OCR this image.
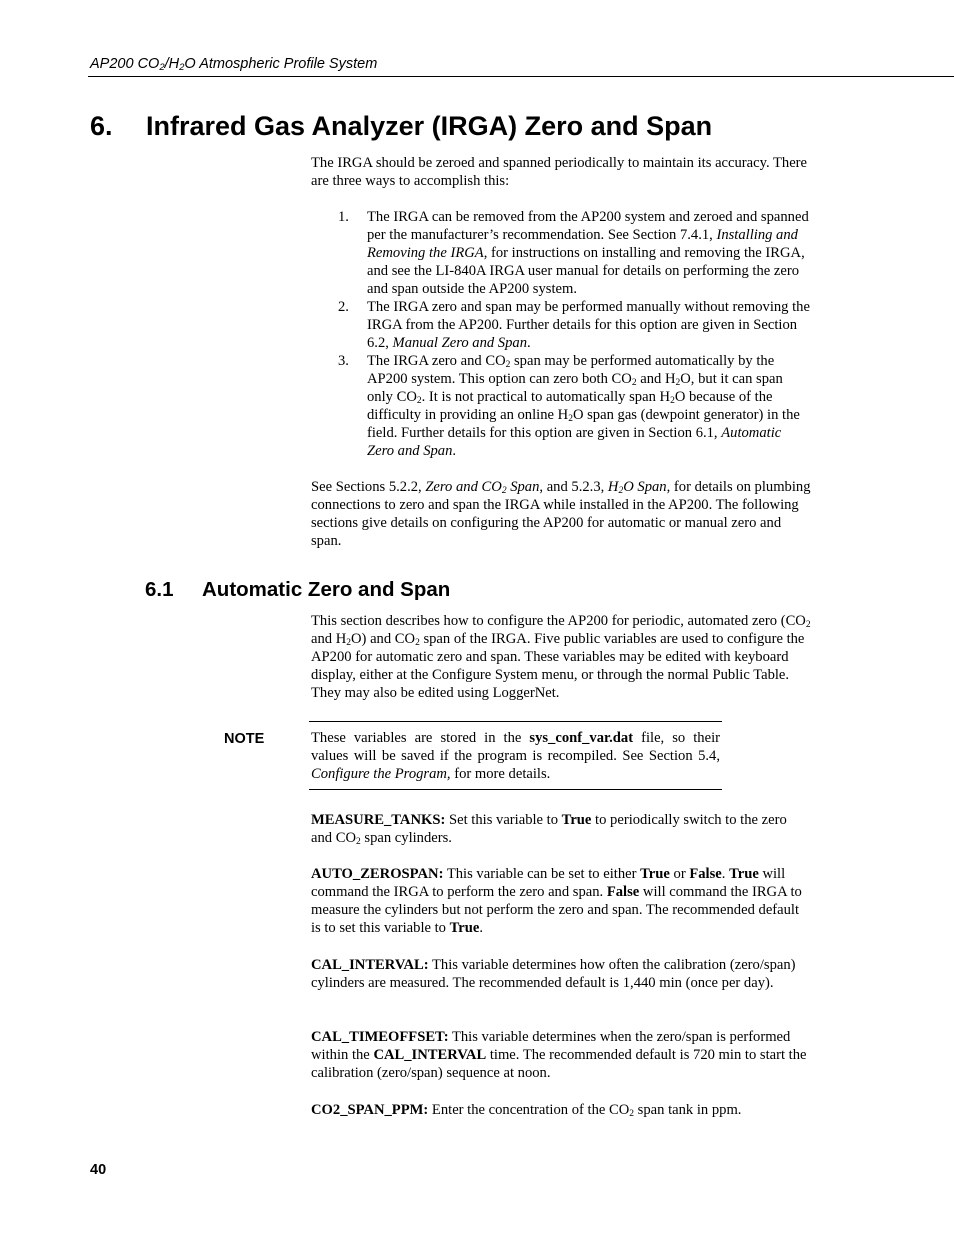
AP200 $CO_2/H_2O$ Atmospheric Profile System
6. Infrared Gas Analyzer (IRGA) Zero and Span

The IRGA should be zeroed and spanned periodically to maintain its accuracy. There are three ways to accomplish this:

1. The IRGA can be removed from the AP200 system and zeroed and spanned per the manufacturer’s recommendation. See Section 7.4.1, Installing and Removing the IRGA, for instructions on installing and removing the IRGA, and see the LI-840A IRGA user manual for details on performing the zero and span outside the AP200 system.
2. The IRGA zero and span may be performed manually without removing the IRGA from the AP200. Further details for this option are given in Section 6.2, Manual Zero and Span.
3. The IRGA zero and $CO_2$ span may be performed automatically by the AP200 system. This option can zero both $CO_2$ and $H_2O$, but it can span only $CO_2$. It is not practical to automatically span $H_2O$ because of the difficulty in providing an online $H_2O$ span gas (dewpoint generator) in the field. Further details for this option are given in Section 6.1, Automatic Zero and Span.

See Sections 5.2.2, Zero and $CO_2$ Span, and 5.2.3, $H_2O$ Span, for details on plumbing connections to zero and span the IRGA while installed in the AP200. The following sections give details on configuring the AP200 for automatic or manual zero and span.

6.1 Automatic Zero and Span

This section describes how to configure the AP200 for periodic, automated zero ($CO_2$ and $H_2O$) and $CO_2$ span of the IRGA. Five public variables are used to configure the AP200 for automatic zero and span. These variables may be edited with keyboard display, either at the Configure System menu, or through the normal Public Table. They may also be edited using LoggerNet.

NOTE	These variables are stored in the sys_conf_var.dat file, so their values will be saved if the program is recompiled. See Section 5.4, Configure the Program, for more details.

MEASURE_TANKS: Set this variable to True to periodically switch to the zero and $CO_2$ span cylinders.

AUTO_ZEROSPAN: This variable can be set to either True or False. True will command the IRGA to perform the zero and span. False will command the IRGA to measure the cylinders but not perform the zero and span. The recommended default is to set this variable to True.

CAL_INTERVAL: This variable determines how often the calibration (zero/span) cylinders are measured. The recommended default is 1,440 min (once per day).

CAL_TIMEOFFSET: This variable determines when the zero/span is performed within the CAL_INTERVAL time. The recommended default is 720 min to start the calibration (zero/span) sequence at noon.

CO2_SPAN_PPM: Enter the concentration of the $CO_2$ span tank in ppm.

40
